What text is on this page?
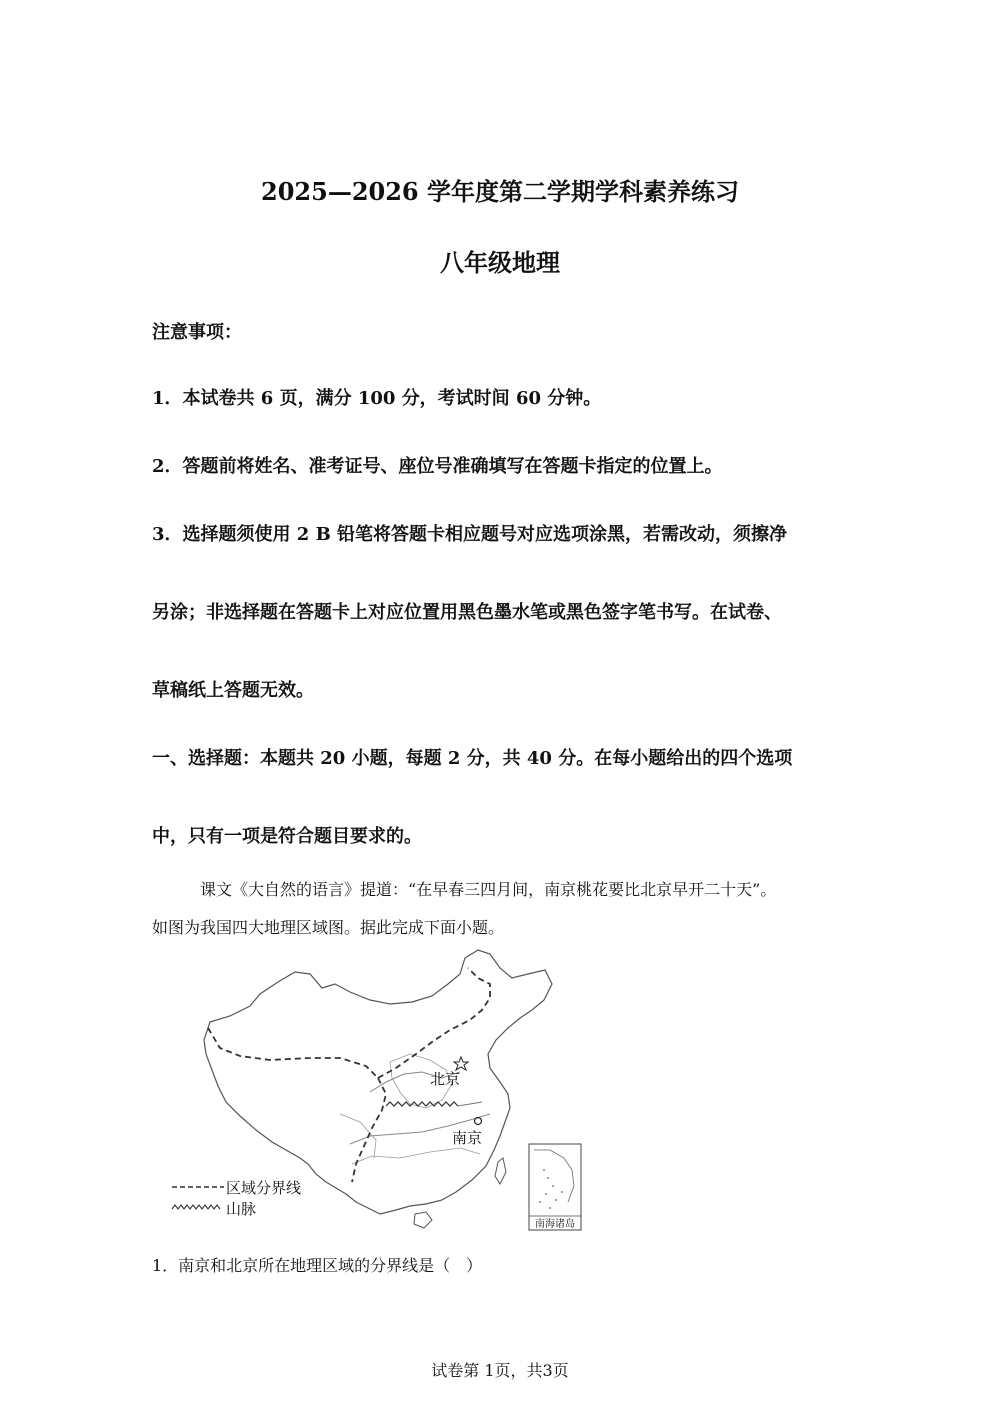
2025—2026 学年度第二学期学科素养练习
八年级地理
注意事项：
1．本试卷共 6 页，满分 100 分，考试时间 60 分钟。
2．答题前将姓名、准考证号、座位号准确填写在答题卡指定的位置上。
3．选择题须使用 2 B 铅笔将答题卡相应题号对应选项涂黑，若需改动，须擦净
另涂；非选择题在答题卡上对应位置用黑色墨水笔或黑色签字笔书写。在试卷、
草稿纸上答题无效。
一、选择题：本题共 20 小题，每题 2 分，共 40 分。在每小题给出的四个选项
中，只有一项是符合题目要求的。
课文《大自然的语言》提道：“在早春三四月间，南京桃花要比北京早开二十天”。
如图为我国四大地理区域图。据此完成下面小题。
北京
南京
南海诸岛
区域分界线
山脉
1．南京和北京所在地理区域的分界线是（　）
试卷第 1页，共3页
